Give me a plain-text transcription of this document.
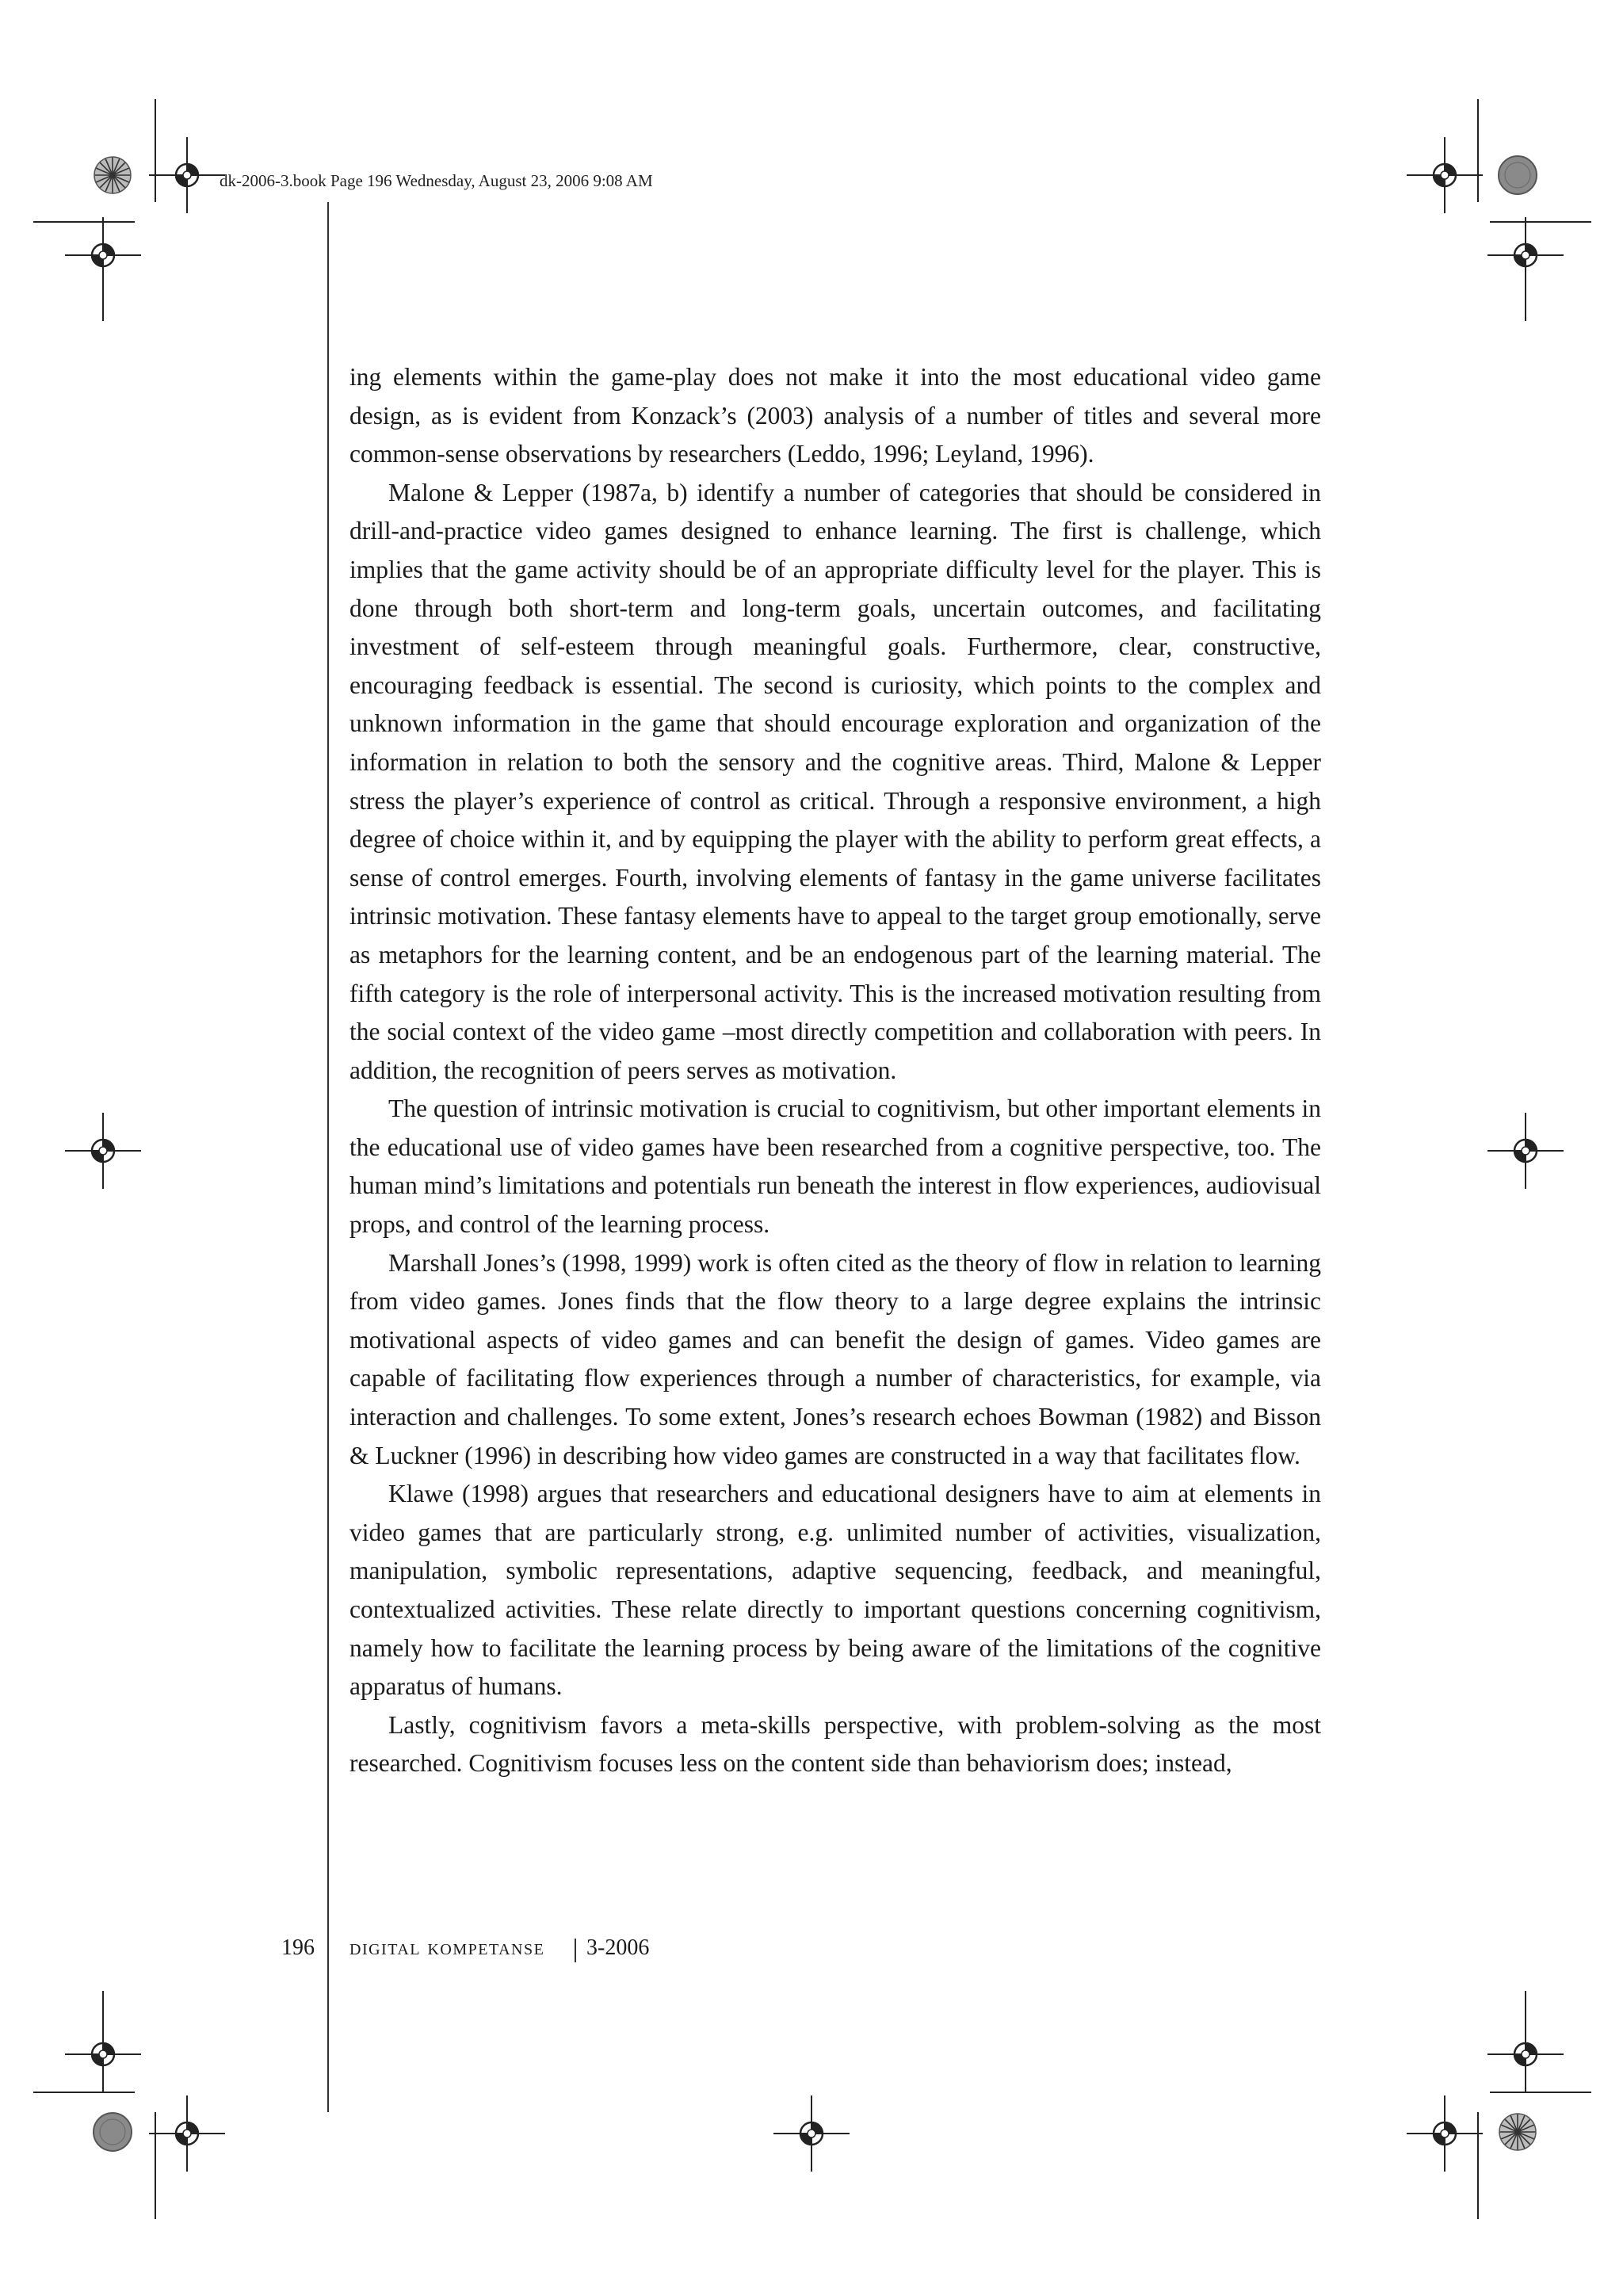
dk-2006-3.book Page 196 Wednesday, August 23, 2006 9:08 AM

ing elements within the game-play does not make it into the most educational video game design, as is evident from Konzack’s (2003) analysis of a number of titles and several more common-sense observations by researchers (Leddo, 1996; Leyland, 1996).

Malone & Lepper (1987a, b) identify a number of categories that should be considered in drill-and-practice video games designed to enhance learning. The first is challenge, which implies that the game activity should be of an appropriate difficulty level for the player. This is done through both short-term and long-term goals, uncertain outcomes, and facilitating investment of self-esteem through meaningful goals. Furthermore, clear, constructive, encouraging feedback is essential. The second is curiosity, which points to the complex and unknown information in the game that should encourage exploration and organization of the information in relation to both the sensory and the cognitive areas. Third, Malone & Lepper stress the player’s experience of control as critical. Through a responsive environment, a high degree of choice within it, and by equipping the player with the ability to perform great effects, a sense of control emerges. Fourth, involving elements of fantasy in the game universe facilitates intrinsic motivation. These fantasy elements have to appeal to the target group emotionally, serve as metaphors for the learning content, and be an endogenous part of the learning material. The fifth category is the role of interpersonal activity. This is the increased motivation resulting from the social context of the video game –most directly competition and collaboration with peers. In addition, the recognition of peers serves as motivation.

The question of intrinsic motivation is crucial to cognitivism, but other important elements in the educational use of video games have been researched from a cognitive perspective, too. The human mind’s limitations and potentials run beneath the interest in flow experiences, audiovisual props, and control of the learning process.

Marshall Jones’s (1998, 1999) work is often cited as the theory of flow in relation to learning from video games. Jones finds that the flow theory to a large degree explains the intrinsic motivational aspects of video games and can benefit the design of games. Video games are capable of facilitating flow experiences through a number of characteristics, for example, via interaction and challenges. To some extent, Jones’s research echoes Bowman (1982) and Bisson & Luckner (1996) in describing how video games are constructed in a way that facilitates flow.

Klawe (1998) argues that researchers and educational designers have to aim at elements in video games that are particularly strong, e.g. unlimited number of activities, visualization, manipulation, symbolic representations, adaptive sequencing, feedback, and meaningful, contextualized activities. These relate directly to important questions concerning cognitivism, namely how to facilitate the learning process by being aware of the limitations of the cognitive apparatus of humans.

Lastly, cognitivism favors a meta-skills perspective, with problem-solving as the most researched. Cognitivism focuses less on the content side than behaviorism does; instead,

196 digital kompetanse 3-2006
